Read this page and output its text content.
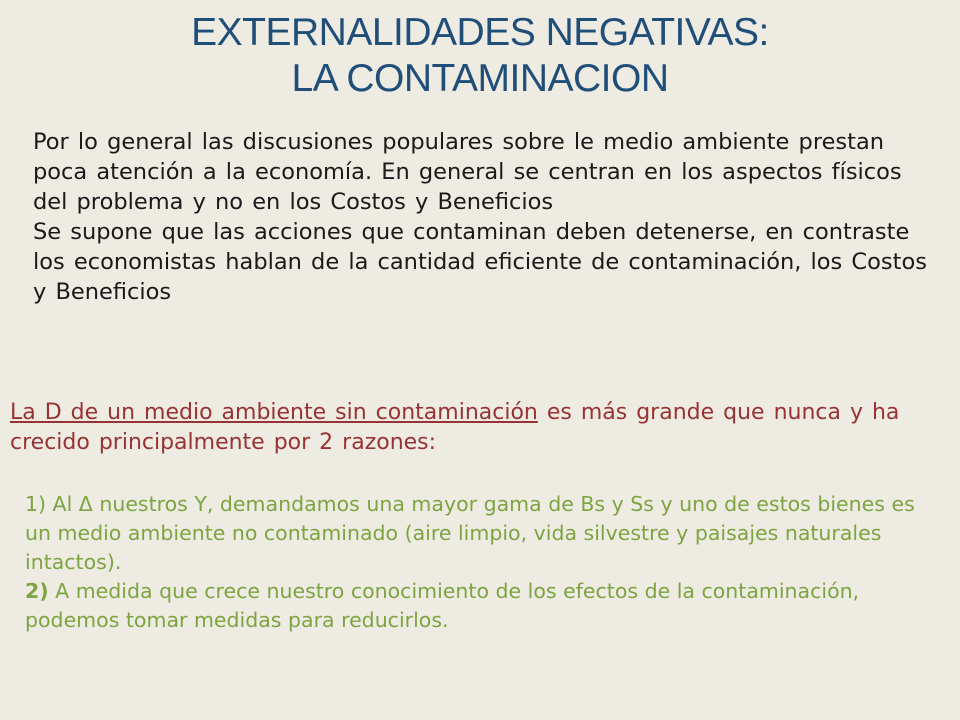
EXTERNALIDADES NEGATIVAS:
LA CONTAMINACION

Por lo general las discusiones populares sobre le medio ambiente prestan poca atención a la economía. En general se centran en los aspectos físicos del problema y no en los Costos y Beneficios

Se supone que las acciones que contaminan deben detenerse, en contraste los economistas hablan de la cantidad eficiente de contaminación, los Costos y Beneficios

La D de un medio ambiente sin contaminación es más grande que nunca y ha crecido principalmente por 2 razones:

1) Al Δ nuestros Y, demandamos una mayor gama de Bs y Ss y uno de estos bienes es un medio ambiente no contaminado (aire limpio, vida silvestre y paisajes naturales intactos).

2) A medida que crece nuestro conocimiento de los efectos de la contaminación, podemos tomar medidas para reducirlos.
